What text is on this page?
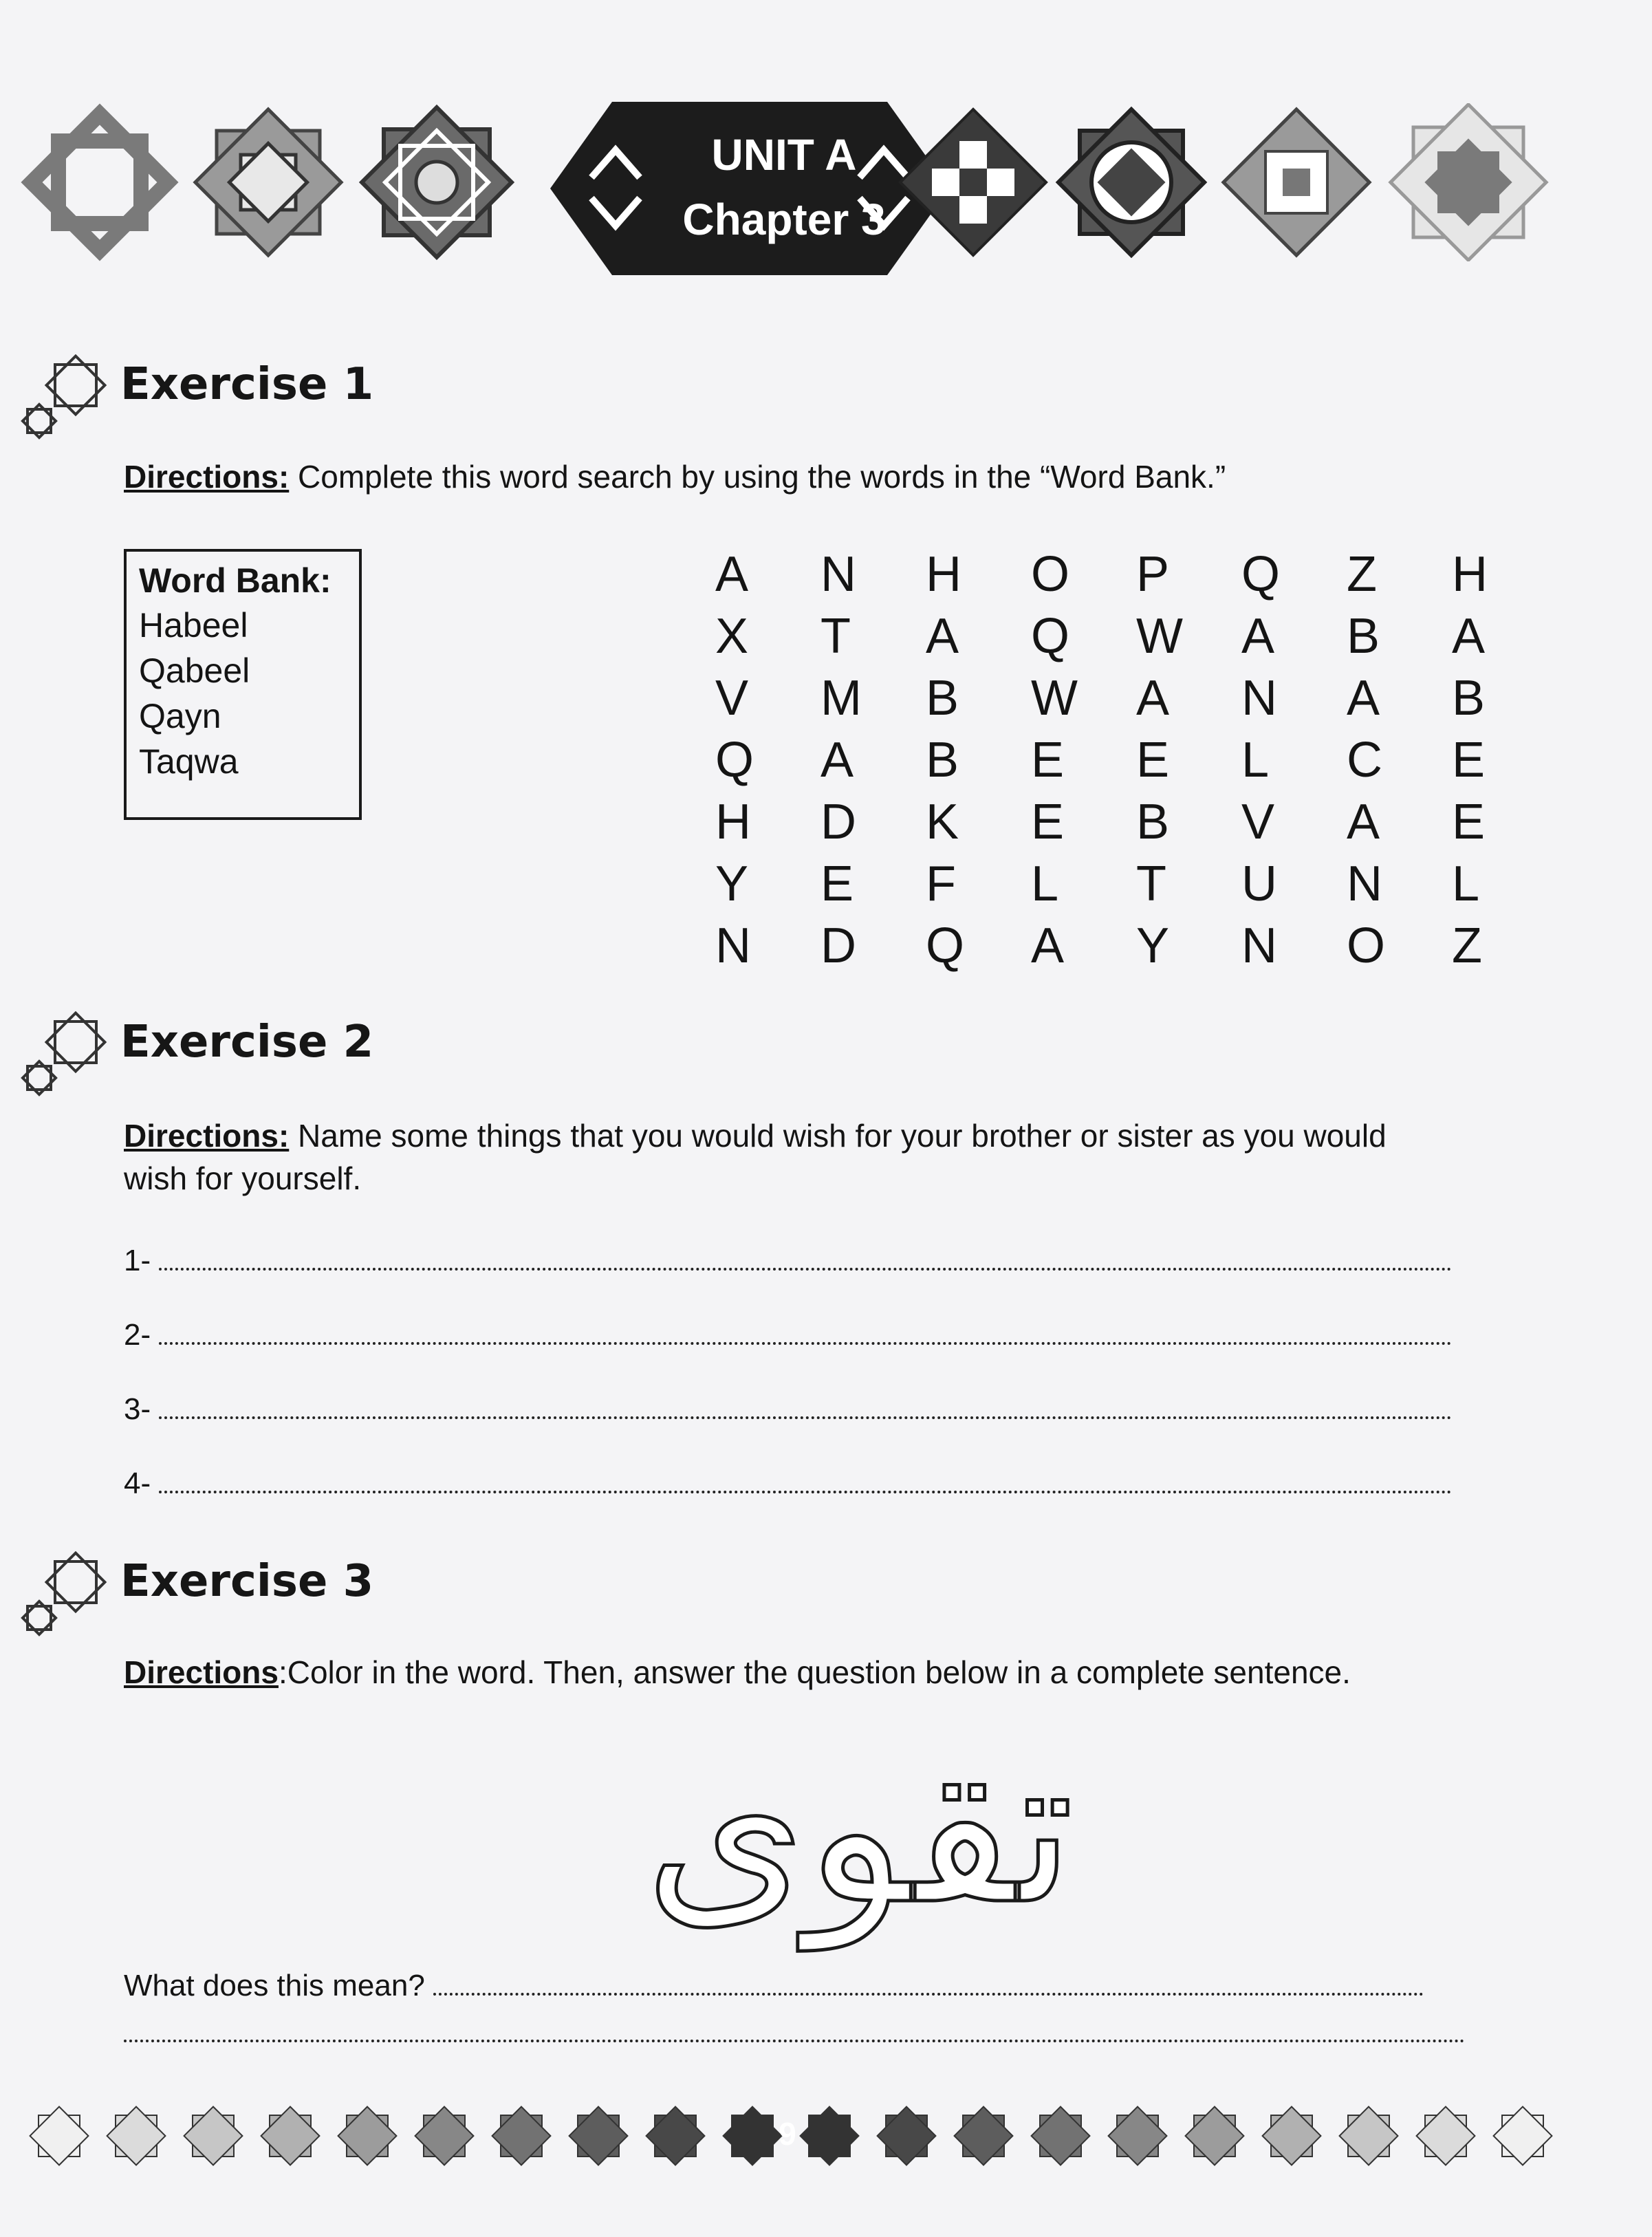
UNIT A
Chapter 3
Exercise 1
Directions: Complete this word search by using the words in the “Word Bank.”
Word Bank:
Habeel
Qabeel
Qayn
Taqwa
A	N	H	O	P	Q	Z	H
X	T	A	Q	W	A	B	A
V	M	B	W	A	N	A	B
Q	A	B	E	E	L	C	E
H	D	K	E	B	V	A	E
Y	E	F	L	T	U	N	L
N	D	Q	A	Y	N	O	Z
Exercise 2
Directions: Name some things that you would wish for your brother or sister as you would wish for yourself.
1-
2-
3-
4-
Exercise 3
Directions:Color in the word. Then, answer the question below in a complete sentence.
تقوى
What does this mean?
9
